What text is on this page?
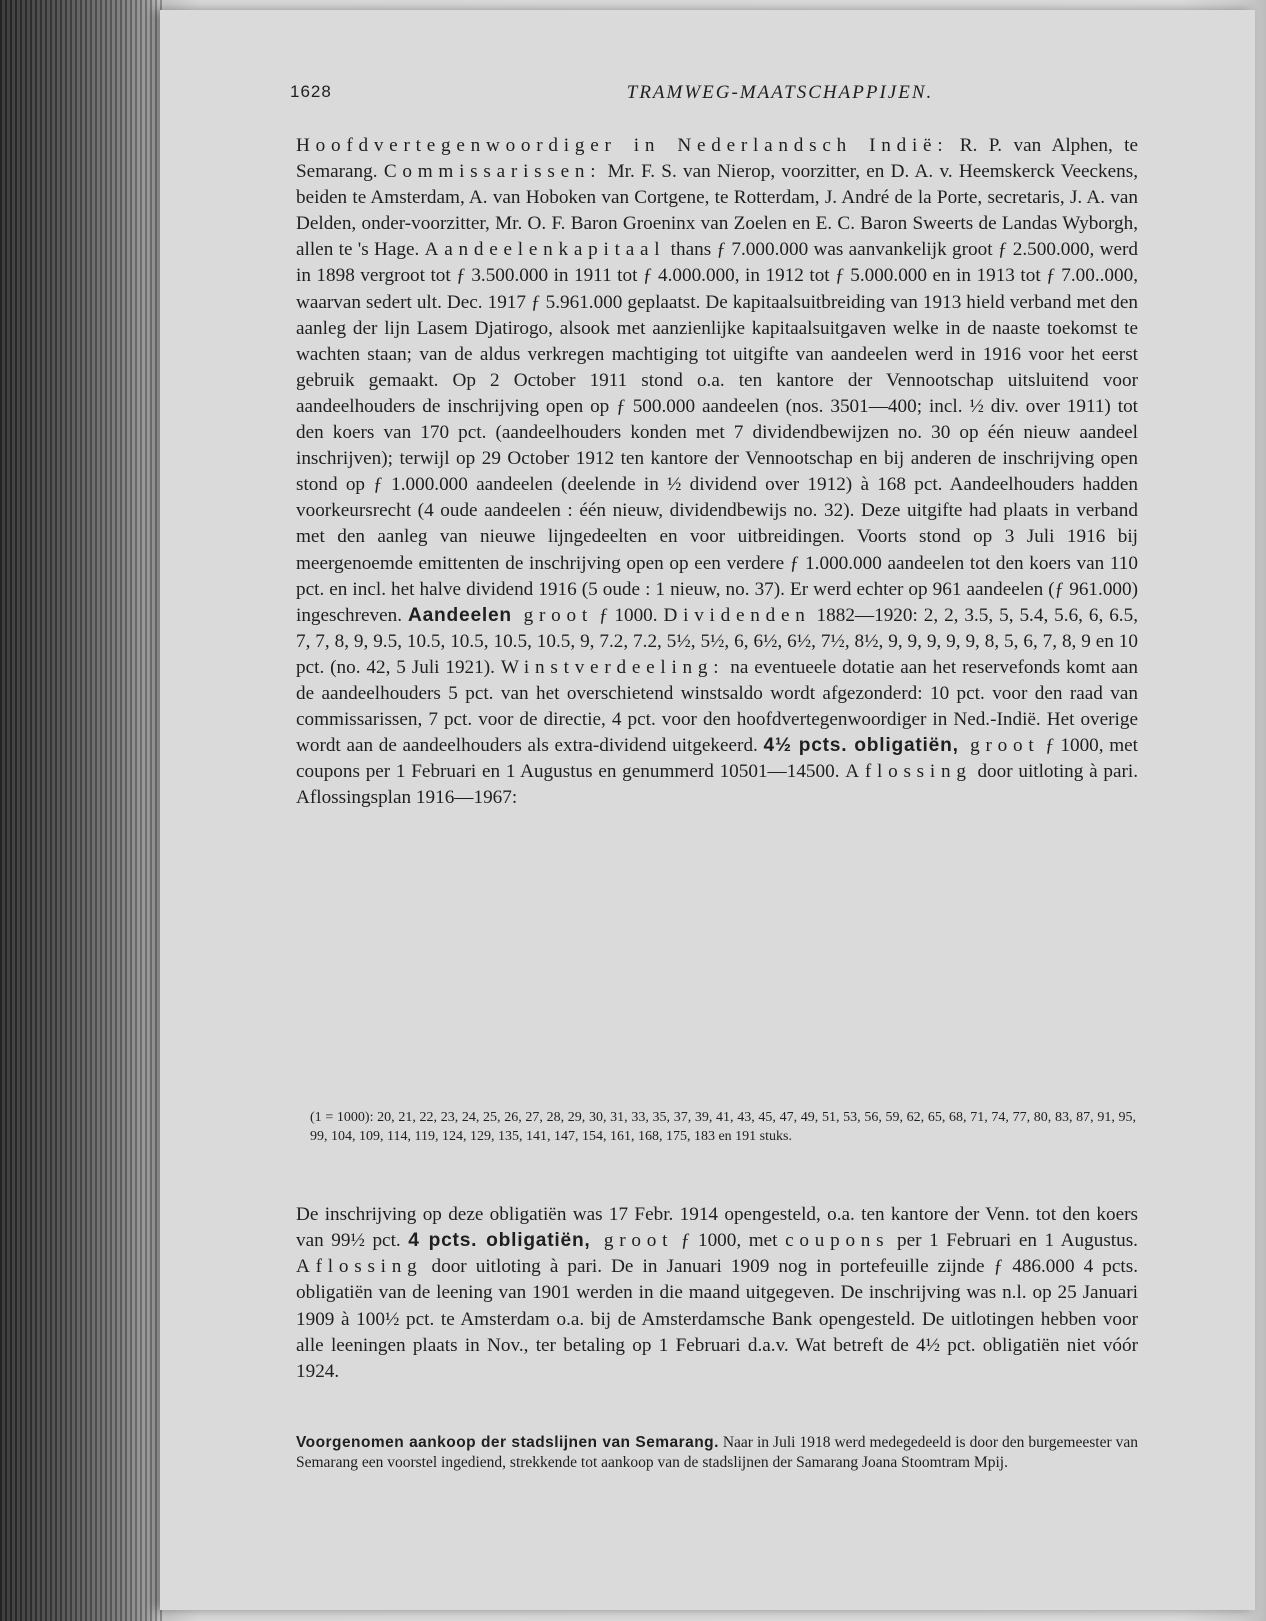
1628	TRAMWEG-MAATSCHAPPIJEN.

Hoofdvertegenwoordiger in Nederlandsch Indië: R. P. van Alphen, te Semarang. Commissarissen: Mr. F. S. van Nierop, voorzitter, en D. A. v. Heemskerck Veeckens, beiden te Amsterdam, A. van Hoboken van Cortgene, te Rotterdam, J. André de la Porte, secretaris, J. A. van Delden, onder-voorzitter, Mr. O. F. Baron Groeninx van Zoelen en E. C. Baron Sweerts de Landas Wyborgh, allen te 's Hage. Aandeelenkapitaal thans ƒ 7.000.000 was aanvankelijk groot ƒ 2.500.000, werd in 1898 vergroot tot ƒ 3.500.000 in 1911 tot ƒ 4.000.000, in 1912 tot ƒ 5.000.000 en in 1913 tot ƒ 7.00..000, waarvan sedert ult. Dec. 1917 ƒ 5.961.000 geplaatst. De kapitaalsuitbreiding van 1913 hield verband met den aanleg der lijn Lasem Djatirogo, alsook met aanzienlijke kapitaalsuitgaven welke in de naaste toekomst te wachten staan; van de aldus verkregen machtiging tot uitgifte van aandeelen werd in 1916 voor het eerst gebruik gemaakt. Op 2 October 1911 stond o.a. ten kantore der Vennootschap uitsluitend voor aandeelhouders de inschrijving open op ƒ 500.000 aandeelen (nos. 3501—400; incl. ½ div. over 1911) tot den koers van 170 pct. (aandeelhouders konden met 7 dividendbewijzen no. 30 op één nieuw aandeel inschrijven); terwijl op 29 October 1912 ten kantore der Vennootschap en bij anderen de inschrijving open stond op ƒ 1.000.000 aandeelen (deelende in ½ dividend over 1912) à 168 pct. Aandeelhouders hadden voorkeursrecht (4 oude aandeelen : één nieuw, dividendbewijs no. 32). Deze uitgifte had plaats in verband met den aanleg van nieuwe lijngedeelten en voor uitbreidingen. Voorts stond op 3 Juli 1916 bij meergenoemde emittenten de inschrijving open op een verdere ƒ 1.000.000 aandeelen tot den koers van 110 pct. en incl. het halve dividend 1916 (5 oude : 1 nieuw, no. 37). Er werd echter op 961 aandeelen (ƒ 961.000) ingeschreven. Aandeelen groot ƒ 1000. Dividenden 1882—1920: 2, 2, 3.5, 5, 5.4, 5.6, 6, 6.5, 7, 7, 8, 9, 9.5, 10.5, 10.5, 10.5, 10.5, 9, 7.2, 7.2, 5½, 5½, 6, 6½, 6½, 7½, 8½, 9, 9, 9, 9, 9, 8, 5, 6, 7, 8, 9 en 10 pct. (no. 42, 5 Juli 1921). Winstverdeeling: na eventueele dotatie aan het reservefonds komt aan de aandeelhouders 5 pct. van het overschietend winstsaldo wordt afgezonderd: 10 pct. voor den raad van commissarissen, 7 pct. voor de directie, 4 pct. voor den hoofdvertegenwoordiger in Ned.-Indië. Het overige wordt aan de aandeelhouders als extra-dividend uitgekeerd. 4½ pcts. obligatiën, groot ƒ 1000, met coupons per 1 Februari en 1 Augustus en genummerd 10501—14500. Aflossing door uitloting à pari. Aflossingsplan 1916—1967:

(1 = 1000): 20, 21, 22, 23, 24, 25, 26, 27, 28, 29, 30, 31, 33, 35, 37, 39, 41, 43, 45, 47, 49, 51, 53, 56, 59, 62, 65, 68, 71, 74, 77, 80, 83, 87, 91, 95, 99, 104, 109, 114, 119, 124, 129, 135, 141, 147, 154, 161, 168, 175, 183 en 191 stuks.

De inschrijving op deze obligatiën was 17 Febr. 1914 opengesteld, o.a. ten kantore der Venn. tot den koers van 99½ pct. 4 pcts. obligatiën, groot ƒ 1000, met coupons per 1 Februari en 1 Augustus. Aflossing door uitloting à pari. De in Januari 1909 nog in portefeuille zijnde ƒ 486.000 4 pcts. obligatiën van de leening van 1901 werden in die maand uitgegeven. De inschrijving was n.l. op 25 Januari 1909 à 100½ pct. te Amsterdam o.a. bij de Amsterdamsche Bank opengesteld. De uitlotingen hebben voor alle leeningen plaats in Nov., ter betaling op 1 Februari d.a.v. Wat betreft de 4½ pct. obligatiën niet vóór 1924.

Voorgenomen aankoop der stadslijnen van Semarang. Naar in Juli 1918 werd medegedeeld is door den burgemeester van Semarang een voorstel ingediend, strekkende tot aankoop van de stadslijnen der Samarang Joana Stoomtram Mpij.
